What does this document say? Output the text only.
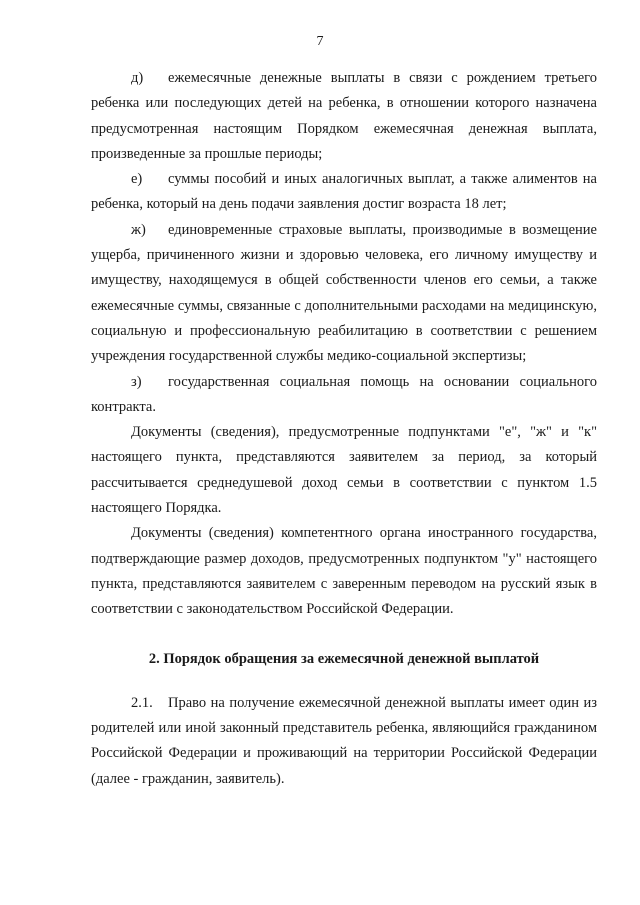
7

д) ежемесячные денежные выплаты в связи с рождением третьего ребенка или последующих детей на ребенка, в отношении которого назначена предусмотренная настоящим Порядком ежемесячная денежная выплата, произведенные за прошлые периоды;

е) суммы пособий и иных аналогичных выплат, а также алиментов на ребенка, который на день подачи заявления достиг возраста 18 лет;

ж) единовременные страховые выплаты, производимые в возмещение ущерба, причиненного жизни и здоровью человека, его личному имуществу и имуществу, находящемуся в общей собственности членов его семьи, а также ежемесячные суммы, связанные с дополнительными расходами на медицинскую, социальную и профессиональную реабилитацию в соответствии с решением учреждения государственной службы медико-социальной экспертизы;

з) государственная социальная помощь на основании социального контракта.

Документы (сведения), предусмотренные подпунктами "е", "ж" и "к" настоящего пункта, представляются заявителем за период, за который рассчитывается среднедушевой доход семьи в соответствии с пунктом 1.5 настоящего Порядка.

Документы (сведения) компетентного органа иностранного государства, подтверждающие размер доходов, предусмотренных подпунктом "у" настоящего пункта, представляются заявителем с заверенным переводом на русский язык в соответствии с законодательством Российской Федерации.

2. Порядок обращения за ежемесячной денежной выплатой

2.1. Право на получение ежемесячной денежной выплаты имеет один из родителей или иной законный представитель ребенка, являющийся гражданином Российской Федерации и проживающий на территории Российской Федерации (далее - гражданин, заявитель).
